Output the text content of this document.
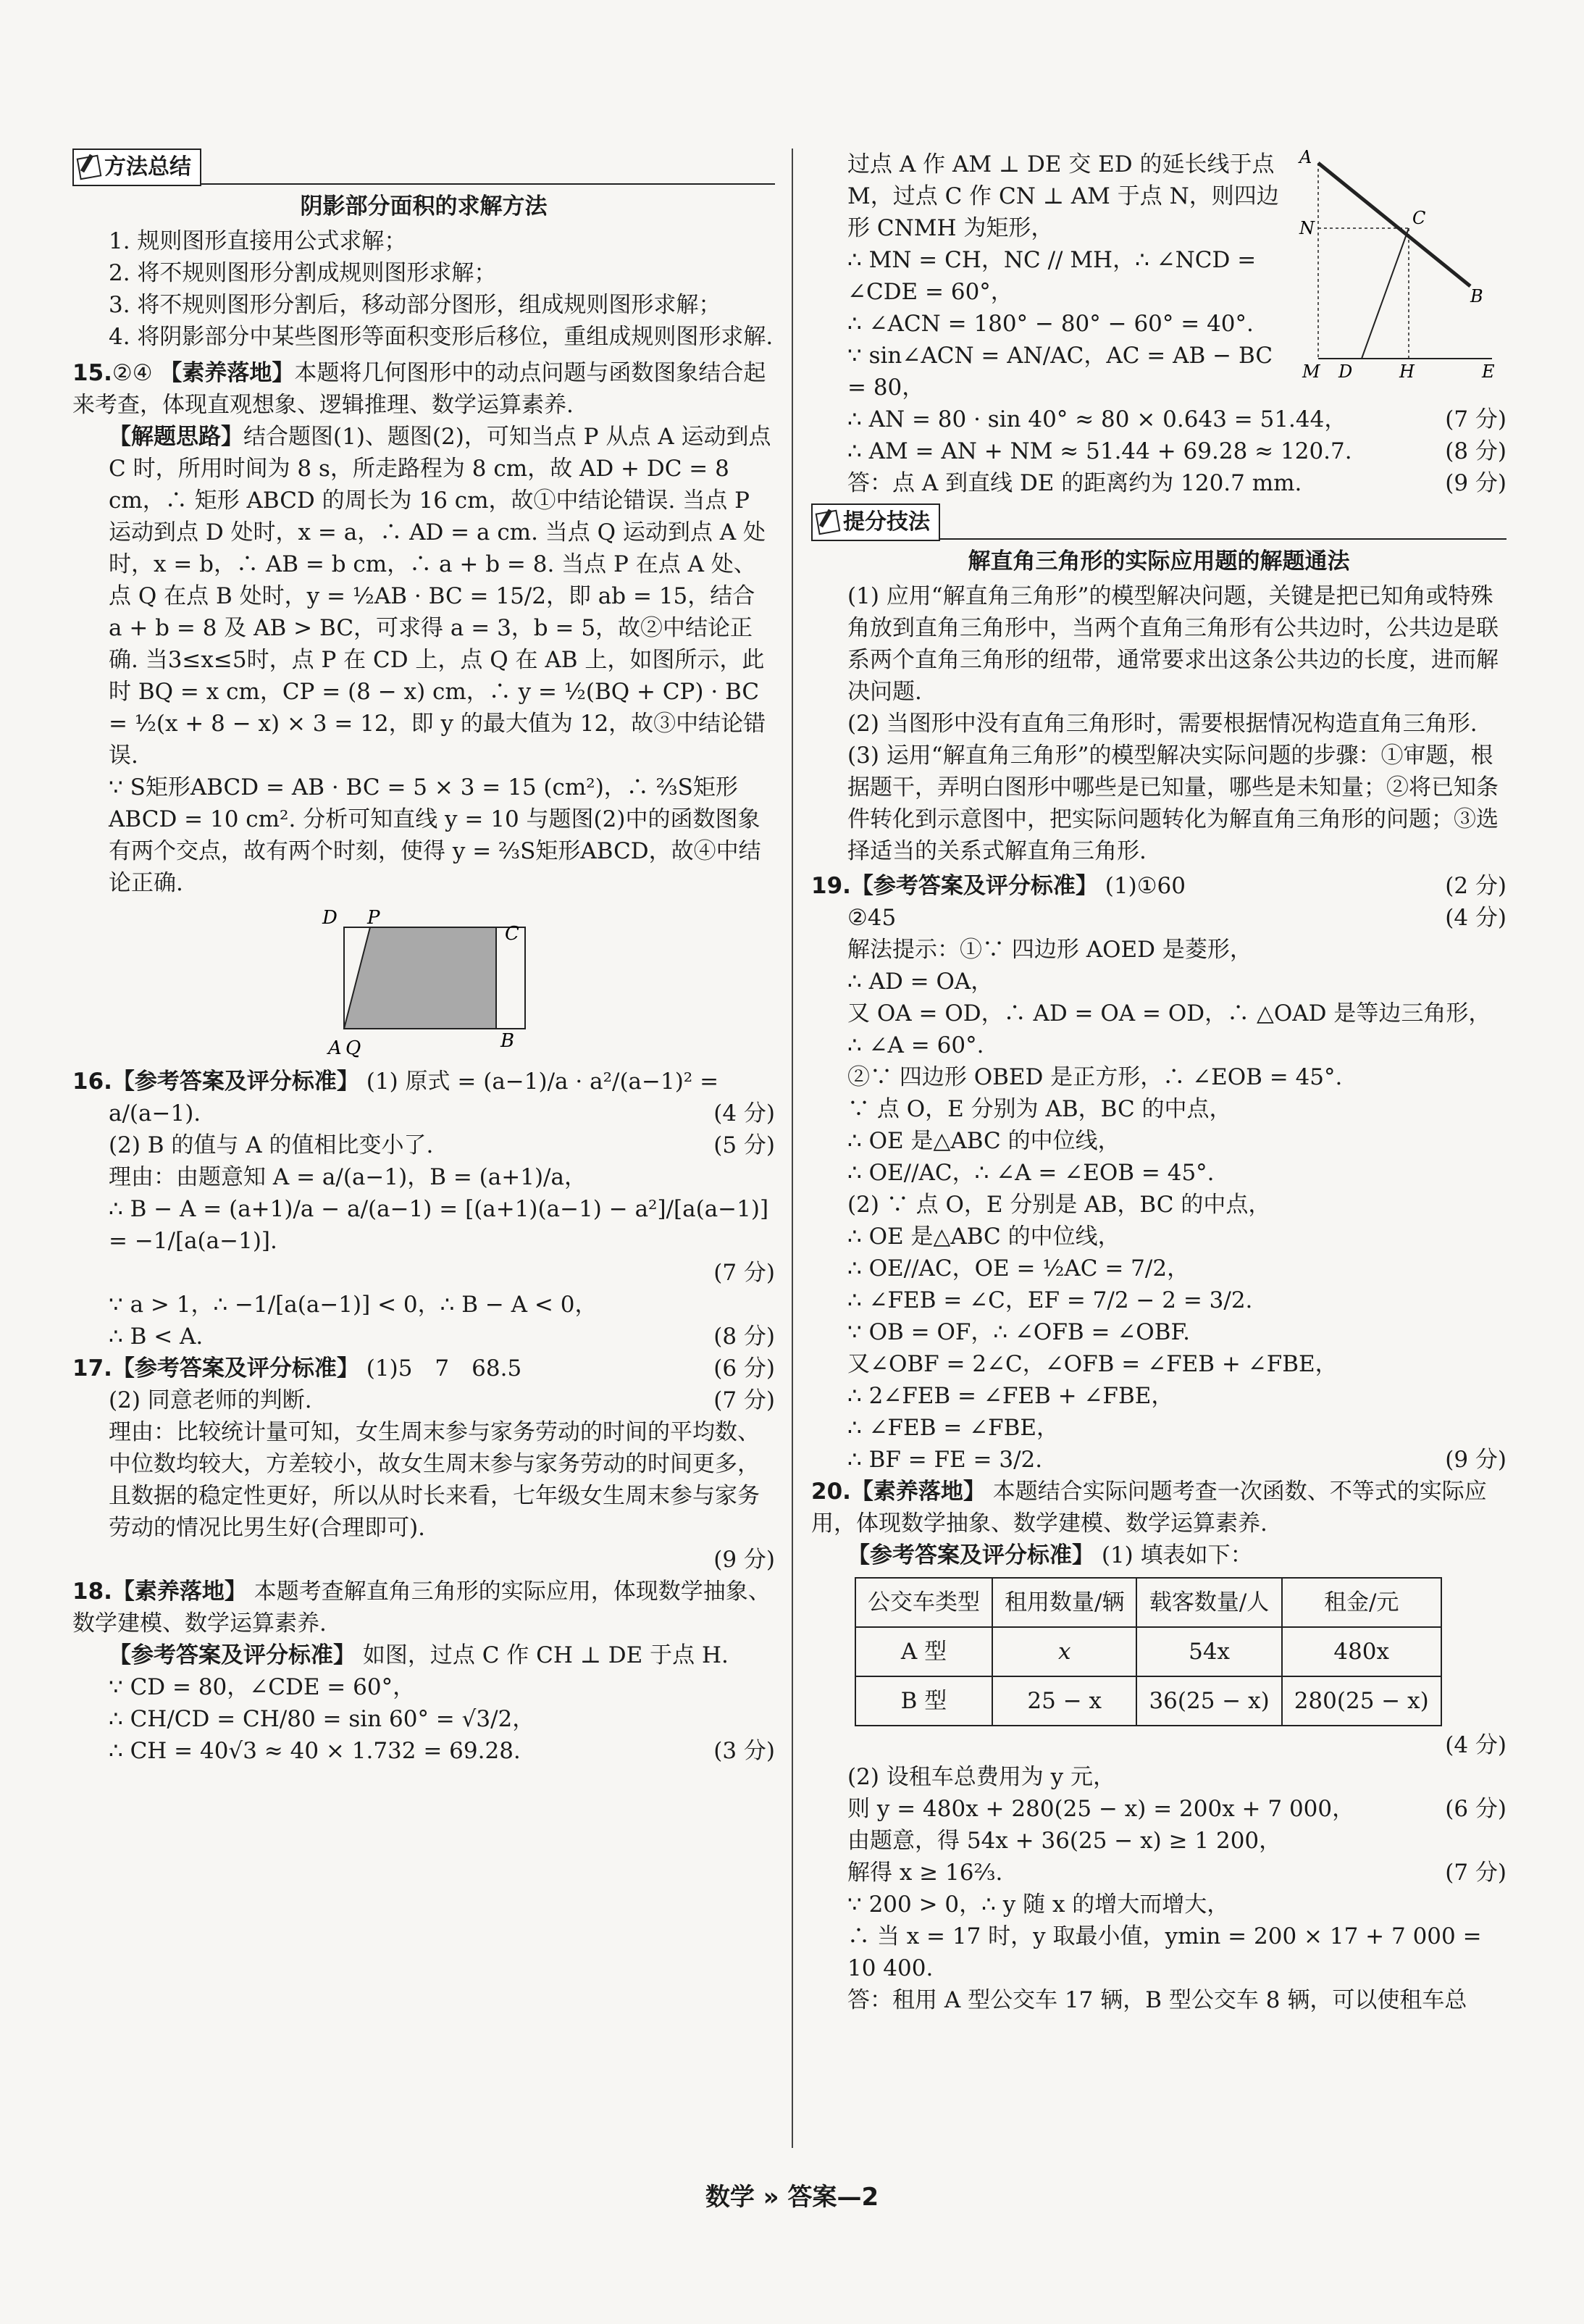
方法总结

阴影部分面积的求解方法

1. 规则图形直接用公式求解；

2. 将不规则图形分割成规则图形求解；

3. 将不规则图形分割后，移动部分图形，组成规则图形求解；

4. 将阴影部分中某些图形等面积变形后移位，重组成规则图形求解.

15.②④ 【素养落地】本题将几何图形中的动点问题与函数图象结合起来考查，体现直观想象、逻辑推理、数学运算素养.

【解题思路】结合题图(1)、题图(2)，可知当点 P 从点 A 运动到点 C 时，所用时间为 8 s，所走路程为 8 cm，故 AD + DC = 8 cm，∴ 矩形 ABCD 的周长为 16 cm，故①中结论错误. 当点 P 运动到点 D 处时，x = a，∴ AD = a cm. 当点 Q 运动到点 A 处时，x = b，∴ AB = b cm，∴ a + b = 8. 当点 P 在点 A 处、点 Q 在点 B 处时，y = ½AB · BC = 15/2，即 ab = 15，结合 a + b = 8 及 AB > BC，可求得 a = 3，b = 5，故②中结论正确. 当3≤x≤5时，点 P 在 CD 上，点 Q 在 AB 上，如图所示，此时 BQ = x cm，CP = (8 − x) cm，∴ y = ½(BQ + CP) · BC = ½(x + 8 − x) × 3 = 12，即 y 的最大值为 12，故③中结论错误.

∵ S矩形ABCD = AB · BC = 5 × 3 = 15 (cm²)，∴ ⅔S矩形ABCD = 10 cm². 分析可知直线 y = 10 与题图(2)中的函数图象有两个交点，故有两个时刻，使得 y = ⅔S矩形ABCD，故④中结论正确.

D P
C
A Q	B

16.【参考答案及评分标准】 (1) 原式 = (a−1)/a · a²/(a−1)² =

a/(a−1).	(4 分)

(2) B 的值与 A 的值相比变小了.	(5 分)

理由：由题意知 A = a/(a−1)，B = (a+1)/a，

∴ B − A = (a+1)/a − a/(a−1) = [(a+1)(a−1) − a²]/[a(a−1)] = −1/[a(a−1)].

(7 分)

∵ a > 1，∴ −1/[a(a−1)] < 0，∴ B − A < 0，

∴ B < A.	(8 分)

17.【参考答案及评分标准】 (1)5　7　68.5	(6 分)

(2) 同意老师的判断.	(7 分)

理由：比较统计量可知，女生周末参与家务劳动的时间的平均数、中位数均较大，方差较小，故女生周末参与家务劳动的时间更多，且数据的稳定性更好，所以从时长来看，七年级女生周末参与家务劳动的情况比男生好(合理即可).

(9 分)

18.【素养落地】 本题考查解直角三角形的实际应用，体现数学抽象、数学建模、数学运算素养.

【参考答案及评分标准】 如图，过点 C 作 CH ⊥ DE 于点 H.

∵ CD = 80，∠CDE = 60°，

∴ CH/CD = CH/80 = sin 60° = √3/2，

∴ CH = 40√3 ≈ 40 × 1.732 = 69.28.	(3 分)

A
N	C
B
M D	H	E

过点 A 作 AM ⊥ DE 交 ED 的延长线于点 M，过点 C 作 CN ⊥ AM 于点 N，则四边形 CNMH 为矩形，

∴ MN = CH，NC // MH，∴ ∠NCD = ∠CDE = 60°，

∴ ∠ACN = 180° − 80° − 60° = 40°.

∵ sin∠ACN = AN/AC，AC = AB − BC = 80，

∴ AN = 80 · sin 40° ≈ 80 × 0.643 = 51.44，	(7 分)

∴ AM = AN + NM ≈ 51.44 + 69.28 ≈ 120.7.	(8 分)

答：点 A 到直线 DE 的距离约为 120.7 mm.	(9 分)

提分技法

解直角三角形的实际应用题的解题通法

(1) 应用“解直角三角形”的模型解决问题，关键是把已知角或特殊角放到直角三角形中，当两个直角三角形有公共边时，公共边是联系两个直角三角形的纽带，通常要求出这条公共边的长度，进而解决问题.

(2) 当图形中没有直角三角形时，需要根据情况构造直角三角形.

(3) 运用“解直角三角形”的模型解决实际问题的步骤：①审题，根据题干，弄明白图形中哪些是已知量，哪些是未知量；②将已知条件转化到示意图中，把实际问题转化为解直角三角形的问题；③选择适当的关系式解直角三角形.

19.【参考答案及评分标准】 (1)①60	(2 分)

②45	(4 分)

解法提示：①∵ 四边形 AOED 是菱形，

∴ AD = OA，

又 OA = OD，∴ AD = OA = OD，∴ △OAD 是等边三角形，

∴ ∠A = 60°.

②∵ 四边形 OBED 是正方形，∴ ∠EOB = 45°.

∵ 点 O，E 分别为 AB，BC 的中点，

∴ OE 是△ABC 的中位线，

∴ OE//AC，∴ ∠A = ∠EOB = 45°.

(2) ∵ 点 O，E 分别是 AB，BC 的中点，

∴ OE 是△ABC 的中位线，

∴ OE//AC，OE = ½AC = 7/2，

∴ ∠FEB = ∠C，EF = 7/2 − 2 = 3/2.

∵ OB = OF，∴ ∠OFB = ∠OBF.

又∠OBF = 2∠C，∠OFB = ∠FEB + ∠FBE，

∴ 2∠FEB = ∠FEB + ∠FBE，

∴ ∠FEB = ∠FBE，

∴ BF = FE = 3/2.	(9 分)

20.【素养落地】 本题结合实际问题考查一次函数、不等式的实际应用，体现数学抽象、数学建模、数学运算素养.

【参考答案及评分标准】 (1) 填表如下：

公交车类型	租用数量/辆	载客数量/人	租金/元
A 型	x	54x	480x
B 型	25 − x	36(25 − x)	280(25 − x)

(4 分)

(2) 设租车总费用为 y 元，

则 y = 480x + 280(25 − x) = 200x + 7 000，	(6 分)

由题意，得 54x + 36(25 − x) ≥ 1 200，

解得 x ≥ 16⅔.	(7 分)

∵ 200 > 0，∴ y 随 x 的增大而增大，

∴ 当 x = 17 时，y 取最小值，ymin = 200 × 17 + 7 000 = 10 400.

答：租用 A 型公交车 17 辆，B 型公交车 8 辆，可以使租车总

数学 » 答案—2
